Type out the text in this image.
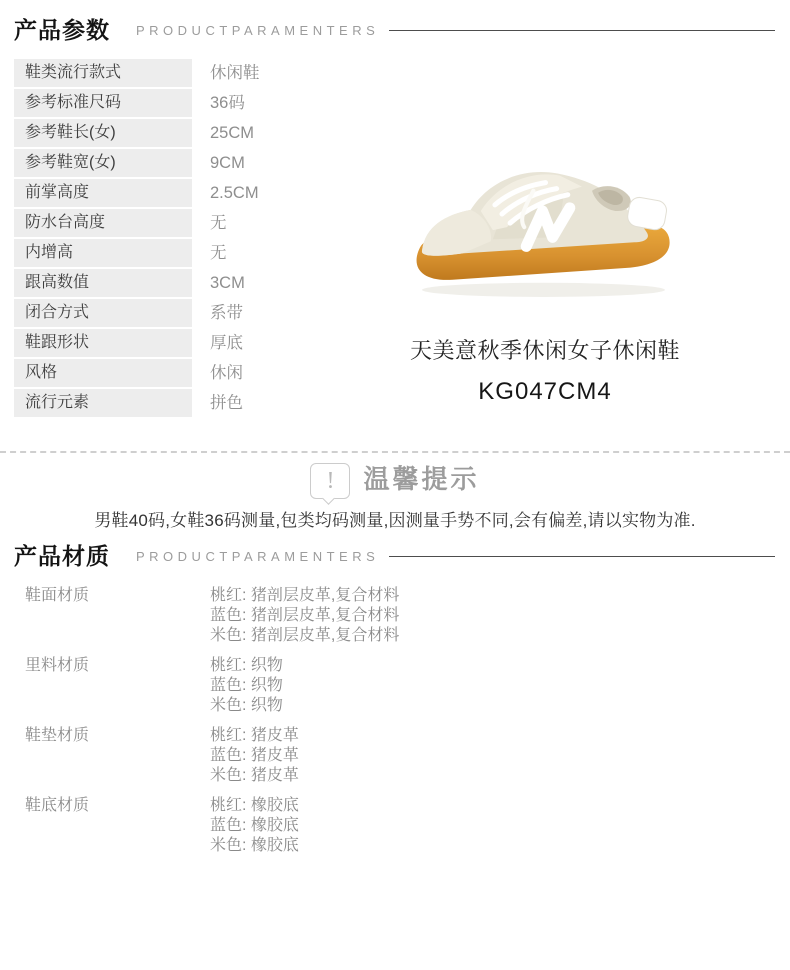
产品参数 PRODUCTPARAMENTERS
鞋类流行款式	休闲鞋
参考标准尺码	36码
参考鞋长(女)	25CM
参考鞋宽(女)	9CM
前掌高度	2.5CM
防水台高度	无
内增高	无
跟高数值	3CM
闭合方式	系带
鞋跟形状	厚底
风格	休闲
流行元素	拼色
天美意秋季休闲女子休闲鞋
KG047CM4
!	温馨提示
男鞋40码,女鞋36码测量,包类均码测量,因测量手势不同,会有偏差,请以实物为准.
产品材质 PRODUCTPARAMENTERS
鞋面材质	桃红: 猪剖层皮革,复合材料
蓝色: 猪剖层皮革,复合材料
米色: 猪剖层皮革,复合材料
里料材质	桃红: 织物
蓝色: 织物
米色: 织物
鞋垫材质	桃红: 猪皮革
蓝色: 猪皮革
米色: 猪皮革
鞋底材质	桃红: 橡胶底
蓝色: 橡胶底
米色: 橡胶底
